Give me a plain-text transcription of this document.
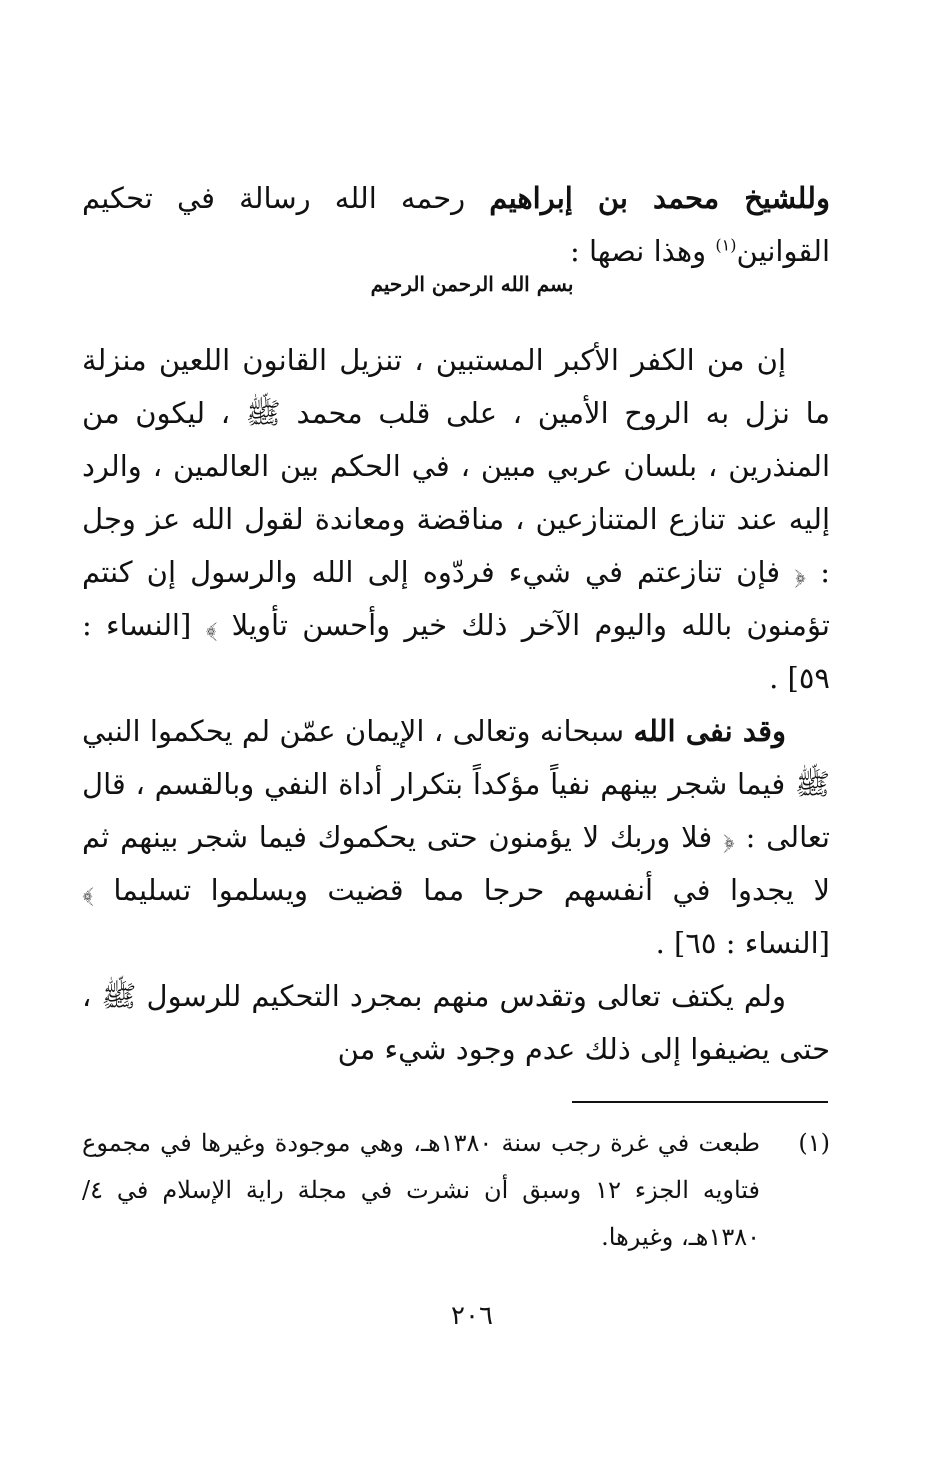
وللشيخ محمد بن إبراهيم رحمه الله رسالة في تحكيم القوانين$^{(١)}$ وهذا نصها :

بسم الله الرحمن الرحيم

إن من الكفر الأكبر المستبين ، تنزيل القانون اللعين منزلة ما نزل به الروح الأمين ، على قلب محمد ﷺ ، ليكون من المنذرين ، بلسان عربي مبين ، في الحكم بين العالمين ، والرد إليه عند تنازع المتنازعين ، مناقضة ومعاندة لقول الله عز وجل : ﴿ فإن تنازعتم في شيء فردّوه إلى الله والرسول إن كنتم تؤمنون بالله واليوم الآخر ذلك خير وأحسن تأويلا ﴾ [النساء : ٥٩] .

وقد نفى الله سبحانه وتعالى ، الإيمان عمّن لم يحكموا النبي ﷺ فيما شجر بينهم نفياً مؤكداً بتكرار أداة النفي وبالقسم ، قال تعالى : ﴿ فلا وربك لا يؤمنون حتى يحكموك فيما شجر بينهم ثم لا يجدوا في أنفسهم حرجا مما قضيت ويسلموا تسليما ﴾ [النساء : ٦٥] .

ولم يكتف تعالى وتقدس منهم بمجرد التحكيم للرسول ﷺ ، حتى يضيفوا إلى ذلك عدم وجود شيء من

(١)
طبعت في غرة رجب سنة ١٣٨٠هـ، وهي موجودة وغيرها في مجموع فتاويه الجزء ١٢ وسبق أن نشرت في مجلة راية الإسلام في ٤/ ١٣٨٠هـ، وغيرها.
٢٠٦
